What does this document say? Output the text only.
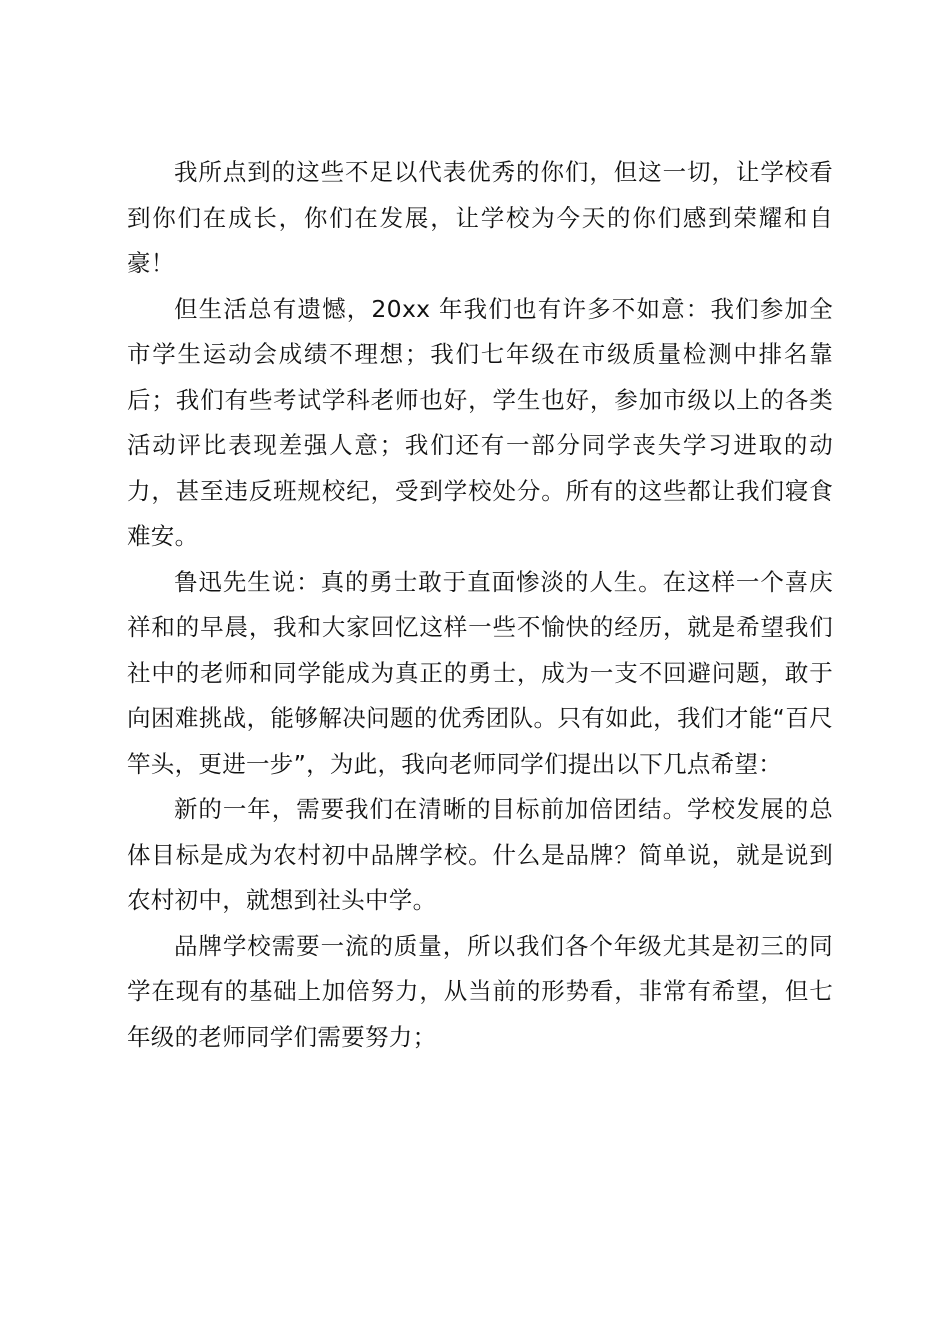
我所点到的这些不足以代表优秀的你们，但这一切，让学校看到你们在成长，你们在发展，让学校为今天的你们感到荣耀和自豪！

但生活总有遗憾，20xx 年我们也有许多不如意：我们参加全市学生运动会成绩不理想；我们七年级在市级质量检测中排名靠后；我们有些考试学科老师也好，学生也好，参加市级以上的各类活动评比表现差强人意；我们还有一部分同学丧失学习进取的动力，甚至违反班规校纪，受到学校处分。所有的这些都让我们寝食难安。

鲁迅先生说：真的勇士敢于直面惨淡的人生。在这样一个喜庆祥和的早晨，我和大家回忆这样一些不愉快的经历，就是希望我们社中的老师和同学能成为真正的勇士，成为一支不回避问题，敢于向困难挑战，能够解决问题的优秀团队。只有如此，我们才能“百尺竿头，更进一步”，为此，我向老师同学们提出以下几点希望：

新的一年，需要我们在清晰的目标前加倍团结。学校发展的总体目标是成为农村初中品牌学校。什么是品牌？简单说，就是说到农村初中，就想到社头中学。

品牌学校需要一流的质量，所以我们各个年级尤其是初三的同学在现有的基础上加倍努力，从当前的形势看，非常有希望，但七年级的老师同学们需要努力；
